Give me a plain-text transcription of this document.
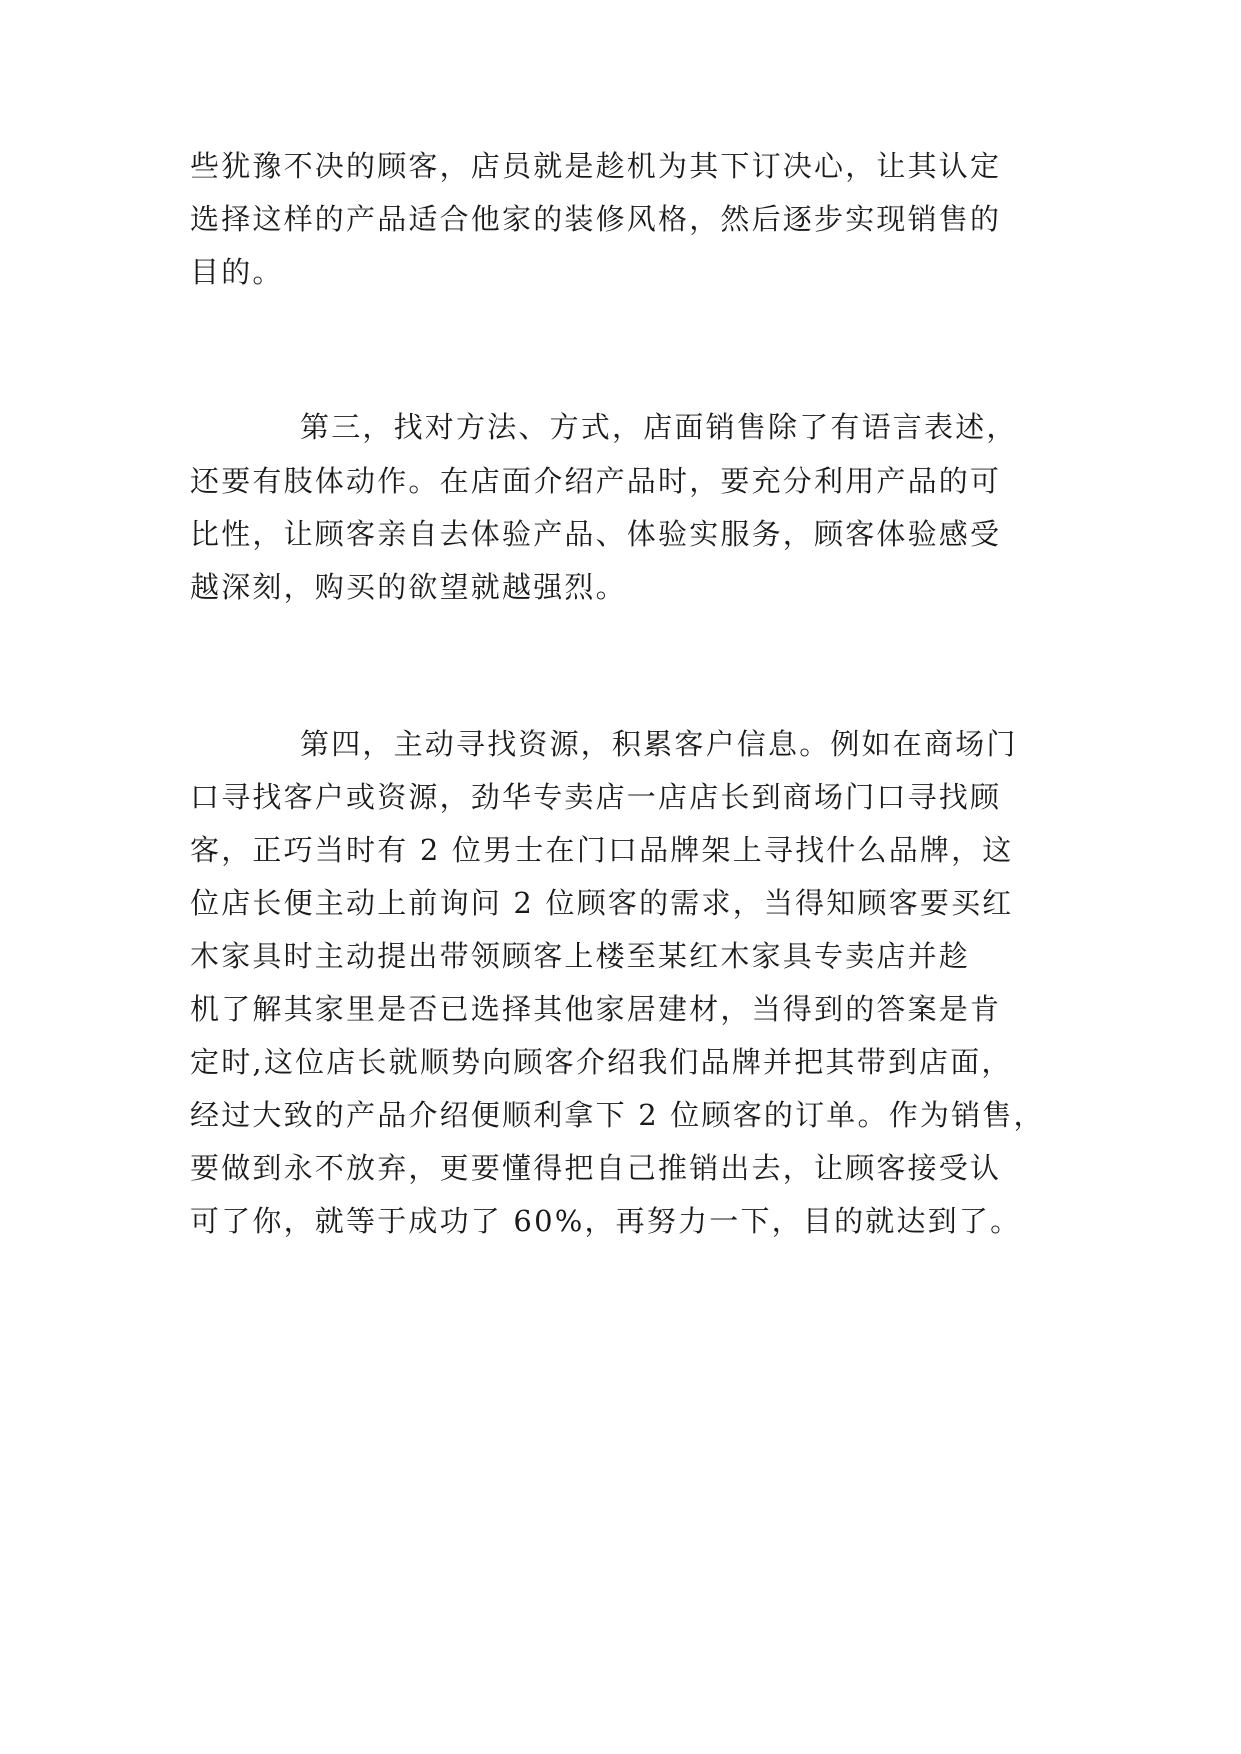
些犹豫不决的顾客，店员就是趁机为其下订决心，让其认定

选择这样的产品适合他家的装修风格，然后逐步实现销售的

目的。

第三，找对方法、方式，店面销售除了有语言表述，

还要有肢体动作。在店面介绍产品时，要充分利用产品的可

比性，让顾客亲自去体验产品、体验实服务，顾客体验感受

越深刻，购买的欲望就越强烈。

第四，主动寻找资源，积累客户信息。例如在商场门

口寻找客户或资源，劲华专卖店一店店长到商场门口寻找顾

客，正巧当时有 2 位男士在门口品牌架上寻找什么品牌，这

位店长便主动上前询问 2 位顾客的需求，当得知顾客要买红

木家具时主动提出带领顾客上楼至某红木家具专卖店并趁

机了解其家里是否已选择其他家居建材，当得到的答案是肯

定时,这位店长就顺势向顾客介绍我们品牌并把其带到店面，

经过大致的产品介绍便顺利拿下 2 位顾客的订单。作为销售，

要做到永不放弃，更要懂得把自己推销出去，让顾客接受认

可了你，就等于成功了 60%，再努力一下，目的就达到了。
